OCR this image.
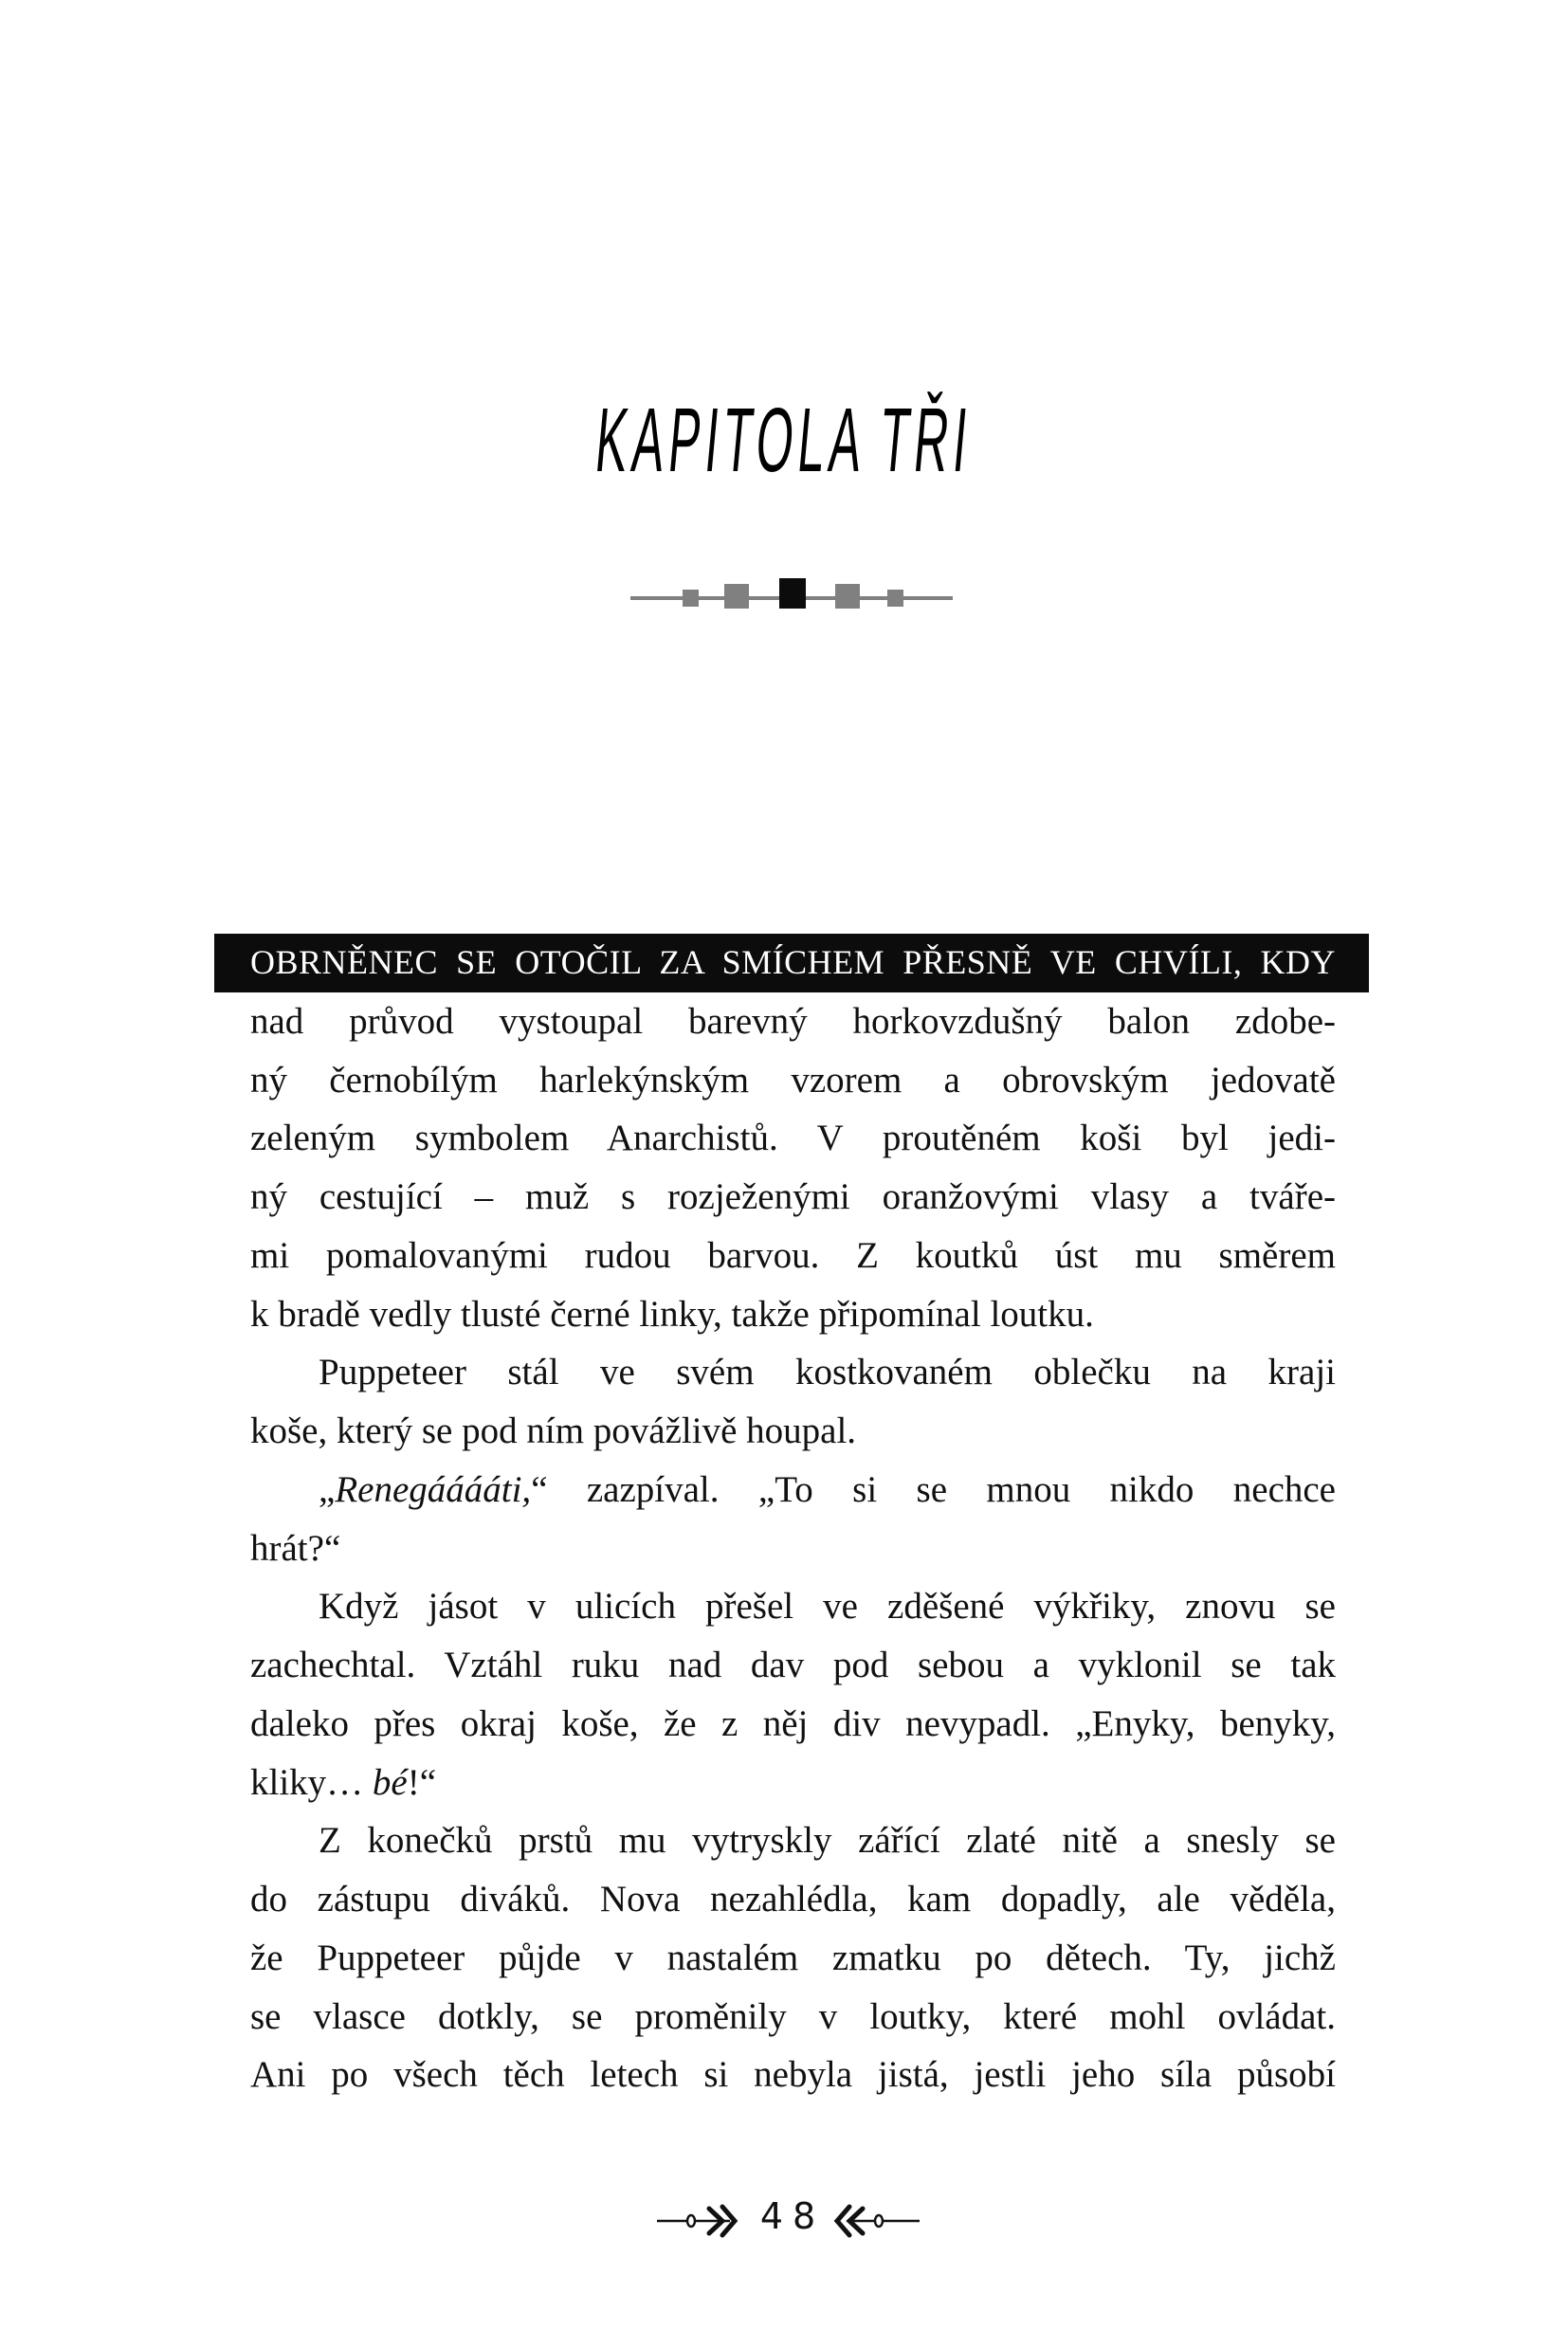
KAPITOLA TŘI
OBRNĚNEC SE OTOČIL ZA SMÍCHEM PŘESNĚ VE CHVÍLI, KDY
nad průvod vystoupal barevný horkovzdušný balon zdobe-
ný černobílým harlekýnským vzorem a obrovským jedovatě
zeleným symbolem Anarchistů. V proutěném koši byl jedi-
ný cestující – muž s rozježenými oranžovými vlasy a tváře-
mi pomalovanými rudou barvou. Z koutků úst mu směrem
k bradě vedly tlusté černé linky, takže připomínal loutku.
Puppeteer stál ve svém kostkovaném oblečku na kraji
koše, který se pod ním povážlivě houpal.
„Renegááááti,“ zazpíval. „To si se mnou nikdo nechce
hrát?“
Když jásot v ulicích přešel ve zděšené výkřiky, znovu se
zachechtal. Vztáhl ruku nad dav pod sebou a vyklonil se tak
daleko přes okraj koše, že z něj div nevypadl. „Enyky, benyky,
kliky… bé!“
Z konečků prstů mu vytryskly zářící zlaté nitě a snesly se
do zástupu diváků. Nova nezahlédla, kam dopadly, ale věděla,
že Puppeteer půjde v nastalém zmatku po dětech. Ty, jichž
se vlasce dotkly, se proměnily v loutky, které mohl ovládat.
Ani po všech těch letech si nebyla jistá, jestli jeho síla působí
48
